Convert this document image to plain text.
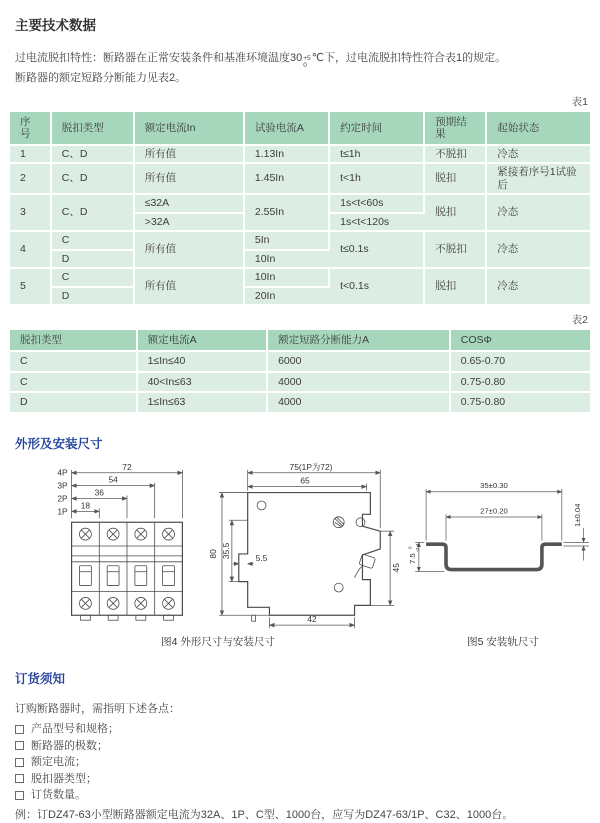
主要技术数据
过电流脱扣特性：断路器在正常安装条件和基准环境温度30 +5
0
℃下，过电流脱扣特性符合表1的规定。
断路器的额定短路分断能力见表2。
表1
序号	脱扣类型	额定电流In	试验电流A	约定时间	预期结果	起始状态
1	C、D	所有值	1.13In	t≤1h	不脱扣	冷态
2	C、D	所有值	1.45In	t<1h	脱扣	紧接着序号1试验后
3	C、D	≤32A	2.55In	1s<t<60s	脱扣	冷态
		>32A		1s<t<120s		
4	C	所有值	5In	t≤0.1s	不脱扣	冷态
	D		10In			
5	C	所有值	10In	t<0.1s	脱扣	冷态
	D		20In			
表2
脱扣类型	额定电流A	额定短路分断能力A	COSΦ
C	1≤In≤40	6000	0.65-0.70
C	40<In≤63	4000	0.75-0.80
D	1≤In≤63	4000	0.75-0.80
外形及安装尺寸
72
54
36
18
4P
3P
2P
1P
75(1P为72)
65
80 35.5	5.5
45
42
图4 外形尺寸与安装尺寸
35±0.30
27±0.20	1±0.04
7.5
0 -0.4
图5 安装轨尺寸
订货须知
订购断路器时，需指明下述各点：
产品型号和规格；
断路器的极数；
额定电流；
脱扣器类型；
订货数量。
例：订DZ47-63小型断路器额定电流为32A、1P、C型、1000台，应写为DZ47-63/1P、C32、1000台。
